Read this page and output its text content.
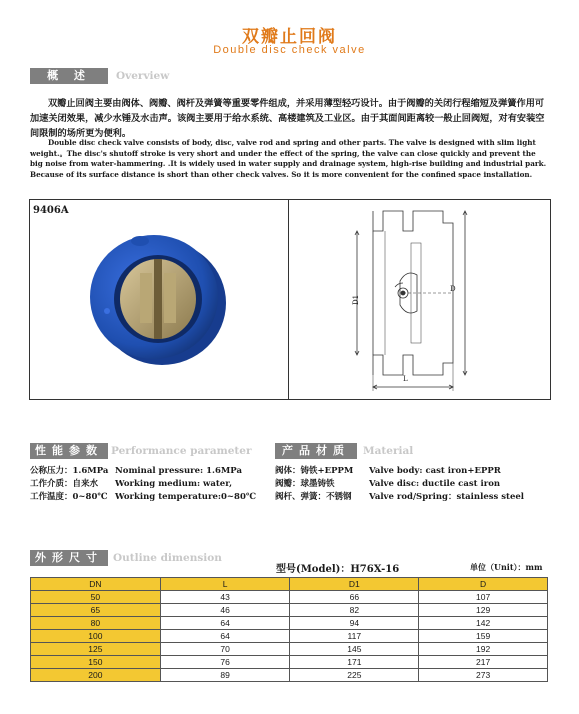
双瓣止回阀
Double disc check valve
概 述	Overview
双瓣止回阀主要由阀体、阀瓣、阀杆及弹簧等重要零件组成，并采用薄型轻巧设计。由于阀瓣的关闭行程缩短及弹簧作用可加速关闭效果，减少水锤及水击声。该阀主要用于给水系统、高楼建筑及工业区。由于其面间距离较一般止回阀短，对有安装空间限制的场所更为便利。
Double disc check valve consists of body, disc, valve rod and spring and other parts. The valve is designed with slim light weight.。The disc's shutoff stroke is very short and under the effect of the spring, the valve can close quickly and prevent the big noise from water-hammering. .It is widely used in water supply and drainage system, high-rise building and industrial park. Because of its surface distance is short than other check valves. So it is more convenient for the confined space installation.
9406A
D1
D
L
性能参数 Performance parameter
公称压力：1.6MPa Nominal pressure: 1.6MPa
工作介质：自来水 Working medium: water,
工作温度：0~80℃ Working temperature:0~80℃
产品材质	Material
阀体：铸铁+EPPM Valve body: cast iron+EPPR
阀瓣：球墨铸铁	Valve disc: ductile cast iron
阀杆、弹簧：不锈钢 Valve rod/Spring：stainless steel
外形尺寸 Outline dimension
型号(Model)：H76X-16	单位（Unit）：mm
DN	L	D1	D
50	43	66	107
65	46	82	129
80	64	94	142
100	64	117	159
125	70	145	192
150	76	171	217
200	89	225	273
